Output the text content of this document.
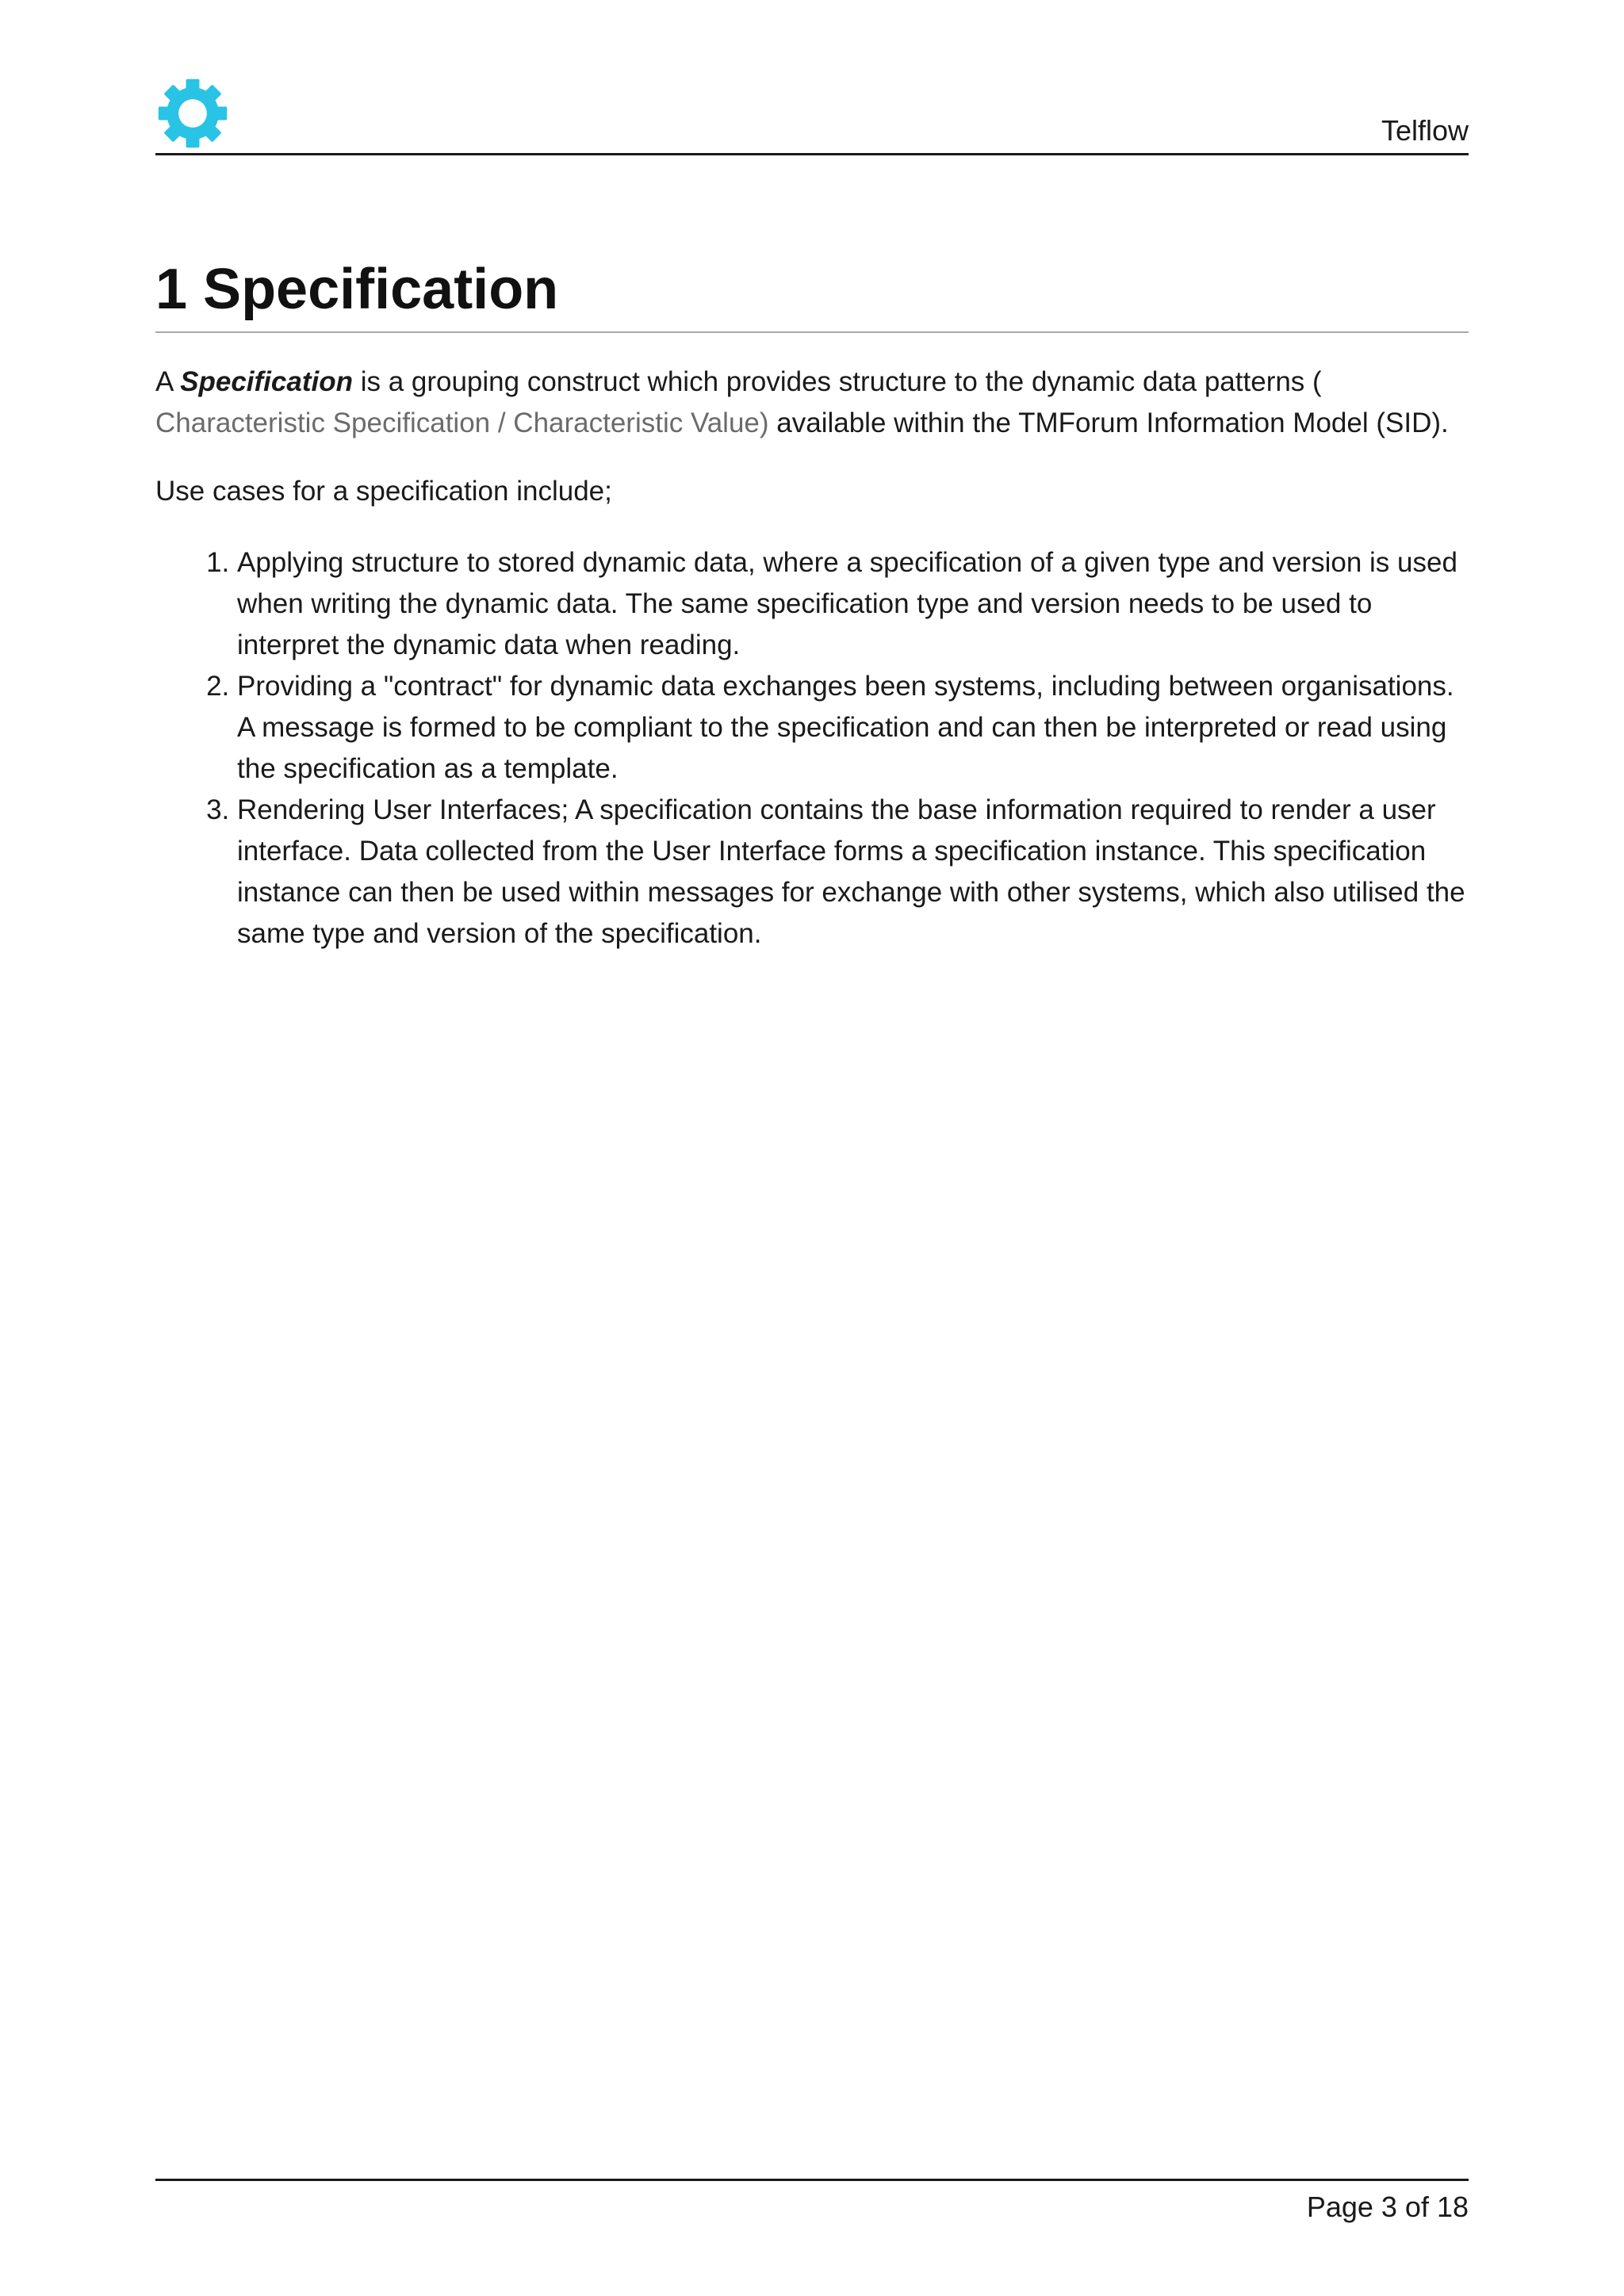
Telflow
1 Specification

A Specification is a grouping construct which provides structure to the dynamic data patterns (
Characteristic Specification / Characteristic Value) available within the TMForum Information Model (SID).

Use cases for a specification include;

1. Applying structure to stored dynamic data, where a specification of a given type and version is used when writing the dynamic data. The same specification type and version needs to be used to interpret the dynamic data when reading.
2. Providing a "contract" for dynamic data exchanges been systems, including between organisations. A message is formed to be compliant to the specification and can then be interpreted or read using the specification as a template.
3. Rendering User Interfaces; A specification contains the base information required to render a user interface. Data collected from the User Interface forms a specification instance. This specification instance can then be used within messages for exchange with other systems, which also utilised the same type and version of the specification.
Page 3 of 18
